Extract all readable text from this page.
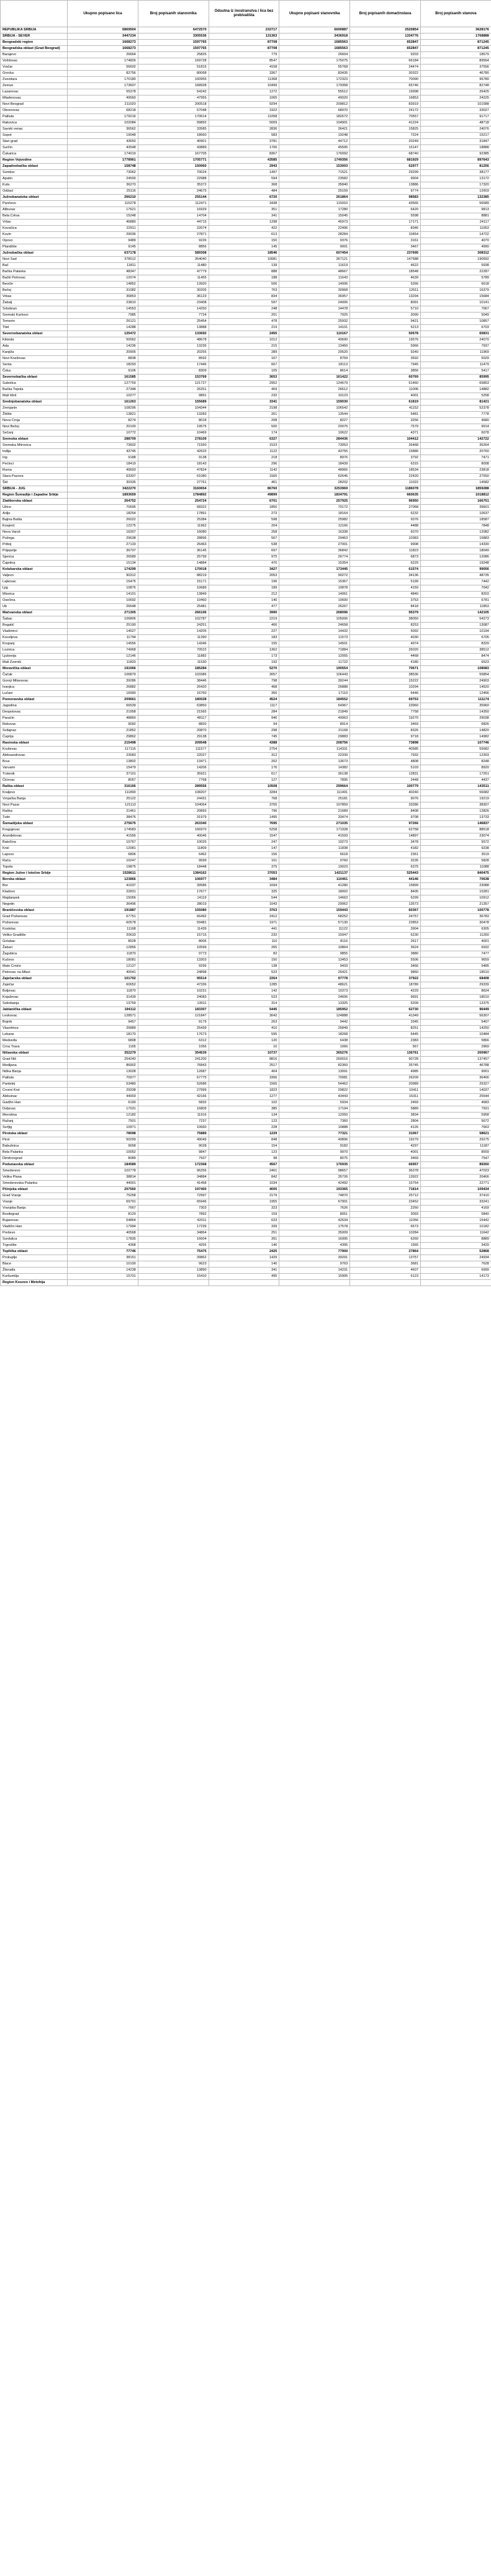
	Ukupno popisano lica	Broj popisanih stanovnika	Odsutna iz inostranstva i lica bez prebivališta	Ukupno popisani stanovnika	Broj popisanih domaćinstava	Broj popisanih stanova
REPUBLIKA SRBIJA	6869504	6472570	232717	6690887	2520854	3628176
SRBIJA - SEVER	3447234	3305536	131363	3436918	1334776	1768888
Beogradski region	1668273	1597765	87708	1685563	652847	871245
Beogradska oblast (Grad Beograd)	1668273	1597765	87708	1685563	652847	871245
Barajevo	26664	25825	779	26604	9203	18579
Voždovac	174826	169728	8547	175075	66184	89564
Vračar	56602	51815	4158	55768	24474	37556
Grocka	82756	80068	3367	83435	30322	46780
Zvezdara	170180	160955	11368	172323	70090	95780
Zemun	173607	168928	10499	179358	65746	82748
Lazarevac	55378	54242	1272	55512	19998	26425
Mladenovac	49560	47955	1065	49020	16853	24225
Novi Beograd	211020	200518	9294	209812	83919	101588
Obrenovac	68218	67048	1922	68970	24172	33027
Palilula	179216	170614	11058	182672	70557	91717
Rakovica	102084	99892	5009	104901	41224	48718
Savski venac	36562	33585	2836	36421	15825	24076
Sopot	19048	18660	583	19248	7224	15217
Stari grad	43650	40901	3781	44712	20249	31847
Surčin	43548	43889	1706	45595	15147	18888
Čukarica	174019	167705	8367	176092	68740	92385
Region Vojvodine	1778961	1705771	43585	1749356	681929	897643
Zapadnobačka oblast	158748	150060	2943	153003	62977	81256
Sombor	73062	70024	1497	71521	29299	38177
Apatin	24500	22988	594	23582	9904	13172
Kula	36270	35372	368	35840	13886	17320
Odžaci	25116	24675	484	25159	9774	12603
Južnobanatska oblast	266210	255144	6720	261864	98583	132385
Pančevo	115278	112471	3438	115910	43565	56589
Alibunar	17621	16929	351	17280	6420	9813
Bela Crkva	15248	14704	341	15045	5598	8881
Vršac	46880	44715	1298	45973	17171	24117
Kovačica	22911	22074	422	22496	8346	11053
Kovin	29036	27871	613	28284	10454	14722
Opovo	9489	9226	150	9376	3161	4070
Plandište	9145	8856	145	9001	3467	4990
Južnobačka oblast	637178	589308	18546	607454	237695	308312
Novi Sad	378012	354040	10081	367121	147588	190692
Bač	11811	11480	139	11619	4622	5938
Bačka Palanka	48347	47779	888	48667	18548	22287
Bački Petrovac	12074	11455	188	11643	4639	5789
Beočin	14852	13920	506	14006	5266	6618
Bečej	31082	30205	763	30968	12611	16379
Vrbas	36853	36123	834	36957	13294	15684
Žabalj	23810	23408	597	24006	8091	10141
Srbobran	14553	14250	248	14478	5710	7067
Sremski Karlovci	7985	7724	201	7925	3090	5049
Temerin	26121	25454	478	25932	9421	10857
Titel	14288	13888	219	14101	5213	6703
Severnobanatska oblast	125472	133692	2455	110167	50578	65831
Kikinda	50062	48678	1012	49690	19576	24070
Ada	14236	13235	215	13450	5966	7937
Kanjiža	20905	20255	289	20520	9240	11969
Novi Kneževac	8838	8592	167	8759	3592	5029
Senta	18293	17446	667	18113	7945	11479
Čoka	9106	8309	105	8614	3856	5417
Severnobačka oblast	161585	153769	3653	161422	60769	85995
Subotica	127759	121727	2952	124679	51460	65853
Bačka Topola	27348	26251	469	26612	11006	14882
Mali Iđoš	10277	9891	232	10123	4001	5258
Srednjobanatska oblast	161263	155689	3341	159030	61819	81421
Zrenjanin	108296	104344	2198	106542	41152	52378
Žitište	13821	13283	261	13544	5481	7778
Nova Crnja	8274	8018	208	8227	3256	4680
Novi Bečej	20100	19575	500	20075	7579	9914
Sečanj	10772	10469	174	10622	4371	6078
Sremska oblast	288709	278109	6327	284436	104412	142722
Sremska Mitrovica	73602	71550	1523	73053	26468	35264
Inđija	43745	42633	1122	43755	15886	20760
Irig	9188	9138	218	8976	3792	7471
Pećinci	18419	18143	296	18439	6315	8008
Ruma	49693	47824	1142	48966	18534	23818
Stara Pazova	63307	61080	1565	62645	22420	27550
Šid	30335	27761	461	28202	11022	14582
SRBIJA - JUG	3422270	3160654	86760	3253969	1186078	1859288
Region Šumadije i Zapadne Srbije	1893659	1784892	49899	1834791	660635	1018812
Zlatiborska oblast	264752	254724	6701	257925	96950	166751
Užice	70695	68322	1850	70172	27068	39601
Arilje	18254	17891	273	18164	6232	10637
Bajina Bašta	26022	25384	598	25982	9376	18587
Kosjerić	12275	11962	204	12166	4488	7848
Nova Varoš	16307	16080	258	16338	6070	12082
Požega	29638	28896	567	29463	10383	15883
Priboj	27133	26463	538	27001	9908	14330
Prijepolje	36707	36145	697	36842	11823	18049
Sjenica	26589	25799	975	26774	6873	12086
Čajetina	15134	14884	470	15354	6229	19248
Kolubarska oblast	174299	170018	3427	173445	61574	99056
Valjevo	90312	88219	2053	90272	34136	48735
Lajkovac	15475	15171	196	15367	5199	7442
Ljig	10876	10689	189	10878	4159	7042
Mionica	14101	13849	212	14061	4840	8203
Osečina	10692	10460	140	10600	3753	6781
Ub	26648	25481	477	26267	8418	11853
Mačvanska oblast	271305	266106	3990	268096	95379	142105
Šabac	106806	102787	2219	105006	38050	54273
Bogatić	25190	24251	406	24658	8253	13087
Vladimirci	14527	14205	227	14432	5092	10194
Koceljeva	11794	11390	183	11573	4030	6705
Krupanj	14556	14346	155	14501	4974	8329
Loznica	74968	70522	1362	71884	26020	38512
Ljubovija	12146	11882	173	12055	4468	8474
Mali Zvornik	11820	11530	192	11722	4180	6523
Moravička oblast	191066	185284	5270	190554	70671	108083
Čačak	106879	103386	3057	106443	38536	55854
Gornji Milanovac	39286	38446	798	39244	15222	24903
Ivanjica	26882	26420	468	26888	10294	14520
Lučani	16990	16760	350	17110	6446	12466
Pomoravska oblast	209661	180028	4524	184552	69753	111174
Jagodina	66539	63850	1117	64967	23960	35960
Despotovac	21958	21565	284	21849	7758	14350
Paraćin	48860	48117	946	49063	19270	29038
Rekovac	9092	8820	94	8914	3469	6826
Svilajnac	21852	20870	298	21168	8326	14820
Ćuprija	29862	29138	745	29883	9718	14982
Rasinska oblast	215498	209548	4388	208756	73898	107746
Kruševac	117116	111577	2754	114331	40585	55682
Aleksandrovac	23583	22027	312	22339	7932	12303
Brus	13802	13471	202	13673	4808	8248
Varvarin	15479	14206	176	14382	5103	8920
Trstenik	37101	35921	617	36138	12831	17261
Ćićevac	8057	7768	127	7895	2448	4437
Raška oblast	316166	289556	10508	299664	100779	143511
Kraljevo	111890	108207	3284	111491	40240	56682
Vrnjačka Banja	25122	24431	768	25181	9076	19219
Novi Pazar	121113	104064	3765	107859	33286	38307
Raška	21461	20893	796	21689	8408	12826
Tutin	38476	31979	1495	33474	9708	13733
Šumadijska oblast	275675	263340	7695	271035	97266	146837
Kragujevac	174583	166970	5258	171928	62758	88518
Aranđelovac	41556	40046	1547	41593	14897	23074
Batočina	10767	10026	247	10273	3478	5572
Knić	12081	11809	147	11838	4182	9238
Lapovo	6806	6462	156	6618	2361	3519
Rača	10247	9599	161	9760	3235	5828
Topola	19875	18448	375	19023	6375	11088
Region Južne i Istočne Srbije	1528611	1384162	37053	1421137	525443	840475
Borska oblast	123866	106977	3484	110461	44146	70638
Bor	41037	39586	1694	41280	15899	23088
Kladovo	22831	17677	325	18002	8405	15281
Majdanpek	15056	14119	544	14663	6299	10912
Negotin	36496	28019	1043	29062	13573	21357
Braničevska oblast	191887	155080	3763	159443	60367	100778
Grad Požarevac	67751	66492	2412	68252	24757	36783
Požarevac	60578	59481	1971	57130	22853	30478
Kostolac	11168	11439	441	11122	3904	6305
Veliko Gradište	20633	15715	232	15947	6230	11260
Golubac	8528	8006	110	8116	2617	4001
Žabari	12856	10599	265	10864	3624	6932
Žagubica	11870	9773	82	9855	3880	7477
Kučevo	18081	13303	150	13453	5506	9659
Malo Crniće	12127	9295	138	9433	3466	5485
Petrovac na Mlavi	40041	24898	523	25421	9860	18510
Zaječarska oblast	101702	95514	2264	97778	37922	68408
Zaječar	60652	47336	1285	48621	18789	29339
Boljevac	11870	10231	142	10373	4229	8624
Knjaževac	31439	24083	523	24606	9691	18010
Sokobanja	13759	13011	314	13325	5209	12375
Jablanička oblast	194112	183307	5445	185952	62730	96449
Leskovac	128571	121847	3042	124888	41349	56307
Bojnik	9457	9179	263	9442	3345	5407
Vlasotince	25889	25439	410	25849	8251	14250
Lebane	18170	17673	595	18268	6445	10484
Medveđa	6808	6312	120	6438	2383	5866
Crna Trava	1165	1056	10	1066	567	2969
Nišavska oblast	352279	354539	10737	365276	136761	200967
Grad Niš	254240	241200	8816	260016	90728	137457
Medijana	86902	76843	2517	82360	35745	46788
Niška Banja	13028	12687	404	13091	4985	9001
Palilula	70977	67775	3306	70081	26209	36466
Pantelej	53480	52686	1565	54462	20989	25327
Crveni Krst	29338	27999	1823	29822	10411	14037
Aleksinac	44003	42166	1277	43443	16311	25544
Gadžin Han	6190	5832	102	5934	2469	4683
Doljevac	17031	16809	385	17194	5889	7931
Merošina	12182	11916	134	12050	3834	5958
Ražanj	7501	7237	123	7360	2804	5672
Svrljig	10971	10660	228	10888	4126	7663
Pirotska oblast	78098	75889	1229	77321	31067	58621
Pirot	50299	49049	848	49896	19279	29275
Babušnica	9658	9028	154	9182	4297	11187
Bela Palanka	10052	9847	123	9970	4001	8559
Dimitrovgrad	8089	7937	98	8075	3469	7547
Podunavska oblast	184589	172368	4567	176935	66957	89260
Smederevo	102778	96256	2401	98657	36378	47023
Velika Plana	38814	34884	842	35726	13922	20466
Smederevska Palanka	44001	41458	1034	42492	15754	22771
Pčinjska oblast	207560	197400	4005	193365	71814	109434
Grad Vranje	75258	72997	2179	74870	25712	37410
Vranje	69791	65946	1955	67901	23452	33241
Vranjska Banja	7667	7303	323	7626	2260	4169
Bosilegrad	8129	7892	159	8051	3093	5840
Bujanovac	54864	42011	623	42634	11056	15442
Vladičin Han	17994	17239	339	17578	6573	10182
Preševo	40568	34864	251	35009	10284	11642
Surdulica	17835	16604	391	16995	6260	8889
Trgovište	4368	4255	140	4395	1565	3429
Toplička oblast	77746	75475	2425	77900	27864	52868
Prokuplje	38151	39862	1429	39291	13757	24934
Blace	10100	9623	140	9763	3681	7628
Žitorađa	14238	13890	341	14231	4607	6999
Kuršumlija	15701	15410	495	15905	6123	14173
Region Kosovo i Metohija						
